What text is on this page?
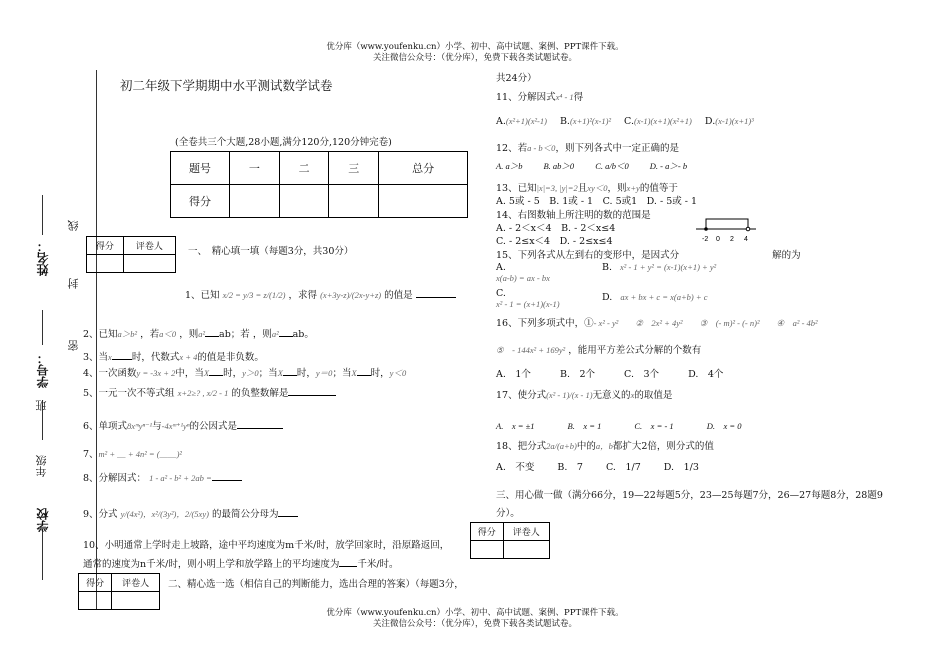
优分库（www.youfenku.cn）小学、初中、高中试题、案例、PPT课件下载。
关注微信公众号：（优分库），免费下载各类试题试卷。
优分库（www.youfenku.cn）小学、初中、高中试题、案例、PPT课件下载。
关注微信公众号：（优分库），免费下载各类试题试卷。
姓名：
学号：
年级
班
学校
线
封
密
初二年级下学期期中水平测试数学试卷
(全卷共三个大题,28小题,满分120分,120分钟完卷)
题号	一	二	三	总分
得分				
得分	评卷人
		一、　精心填一填（每题3分，共30分）
1、已知 x/2 = y/3 = z/(1/2) ，求得 (x+3y-z)/(2x-y+z) 的值是
2、已知a＞b² ，若a＜0 ，则a² ab；若 ，则a² ab。
3、当x 时，代数式x + 4的值是非负数。
4、一次函数y = -3x + 2中，当X 时，y＞0；当X 时，y＝0；当X 时，y＜0
5、一元一次不等式组 x+2≥? , x/2 - 1 的负整数解是
6、单项式8xᵐyⁿ⁻¹与-4xᵐ⁺¹yⁿ的公因式是
7、m² + ＿ + 4n² = (＿＿)²
8、分解因式： 1 - a² - b² + 2ab =
9、分式 y/(4x²)，x²/(3y²)，2/(5xy) 的最简公分母为
10、小明通常上学时走上坡路，途中平均速度为m千米/时，放学回家时，沿原路返回，
通常的速度为n千米/时，则小明上学和放学路上的平均速度为 千米/时。
得分	评卷人
	二、精心选一选（相信自己的判断能力，选出合理的答案）（每题3分，
共24分）
11、分解因式x⁴ - 1得
A.(x²+1)(x²-1) B.(x+1)²(x-1)² C.(x-1)(x+1)(x²+1) D.(x-1)(x+1)³
12、若a - b＜0，则下列各式中一定正确的是
A. a＞b B. ab＞0 C. a/b＜0 D. - a＞- b
13、已知|x|=3, |y|=2且xy＜0，则x+y的值等于
A. 5或 - 5　B. 1或 - 1　C. 5或1　D. - 5或 - 1
14、右图数轴上所注明的数的范围是
A. - 2＜x＜4　B. - 2＜x≤4
C. - 2≤x＜4　D. - 2≤x≤4	-2 0 2 4
15、下列各式从左到右的变形中，是因式分	解的为
A.
x(a-b) = ax - bx
B. x² - 1 + y² = (x-1)(x+1) + y²
C.
x² - 1 = (x+1)(x-1)
D. ax + bx + c = x(a+b) + c
16、下列多项式中，①- x² - y² ②　2x² + 4y² ③　(- m)² - (- n)² ④　a² - 4b²
⑤　- 144x² + 169y² ，能用平方差公式分解的个数有
A.　1个	B.　2个	C.　3个	D.　4个
17、使分式(x² - 1)/(x - 1)无意义的x的取值是
A.　x = ±1	B.　x = 1	C.　x = - 1	D.　x = 0
18、把分式2a/(a+b)中的a，b都扩大2倍，则分式的值
A.　不变 B.　7 C.　1/7 D.　1/3
三、用心做一做（满分66分，19—22每题5分，23—25每题7分，26—27每题8分，28题9
分）。
得分	评卷人
